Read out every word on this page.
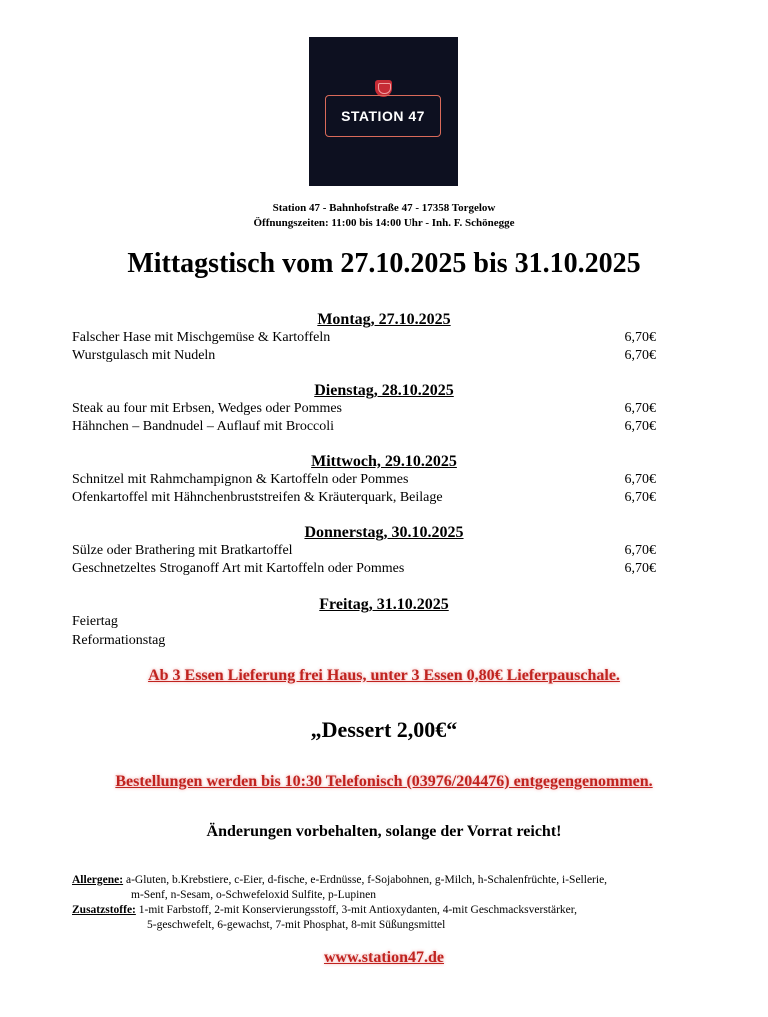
STATION 47
Station 47 - Bahnhofstraße 47 - 17358 Torgelow
Öffnungszeiten: 11:00 bis 14:00 Uhr - Inh. F. Schönegge
Mittagstisch vom 27.10.2025 bis 31.10.2025
Montag, 27.10.2025
Falscher Hase mit Mischgemüse & Kartoffeln	6,70€
Wurstgulasch mit Nudeln	6,70€
Dienstag, 28.10.2025
Steak au four mit Erbsen, Wedges oder Pommes	6,70€
Hähnchen – Bandnudel – Auflauf mit Broccoli	6,70€
Mittwoch, 29.10.2025
Schnitzel mit Rahmchampignon & Kartoffeln oder Pommes	6,70€
Ofenkartoffel mit Hähnchenbruststreifen & Kräuterquark, Beilage	6,70€
Donnerstag, 30.10.2025
Sülze oder Brathering mit Bratkartoffel	6,70€
Geschnetzeltes Stroganoff Art mit Kartoffeln oder Pommes	6,70€
Freitag, 31.10.2025
Feiertag
Reformationstag
Ab 3 Essen Lieferung frei Haus, unter 3 Essen 0,80€ Lieferpauschale.
„Dessert 2,00€“
Bestellungen werden bis 10:30 Telefonisch (03976/204476) entgegengenommen.
Änderungen vorbehalten, solange der Vorrat reicht!
Allergene: a-Gluten, b.Krebstiere, c-Eier, d-fische, e-Erdnüsse, f-Sojabohnen, g-Milch, h-Schalenfrüchte, i-Sellerie,
m-Senf, n-Sesam, o-Schwefeloxid Sulfite, p-Lupinen
Zusatzstoffe: 1-mit Farbstoff, 2-mit Konservierungsstoff, 3-mit Antioxydanten, 4-mit Geschmacksverstärker,
5-geschwefelt, 6-gewachst, 7-mit Phosphat, 8-mit Süßungsmittel
www.station47.de
